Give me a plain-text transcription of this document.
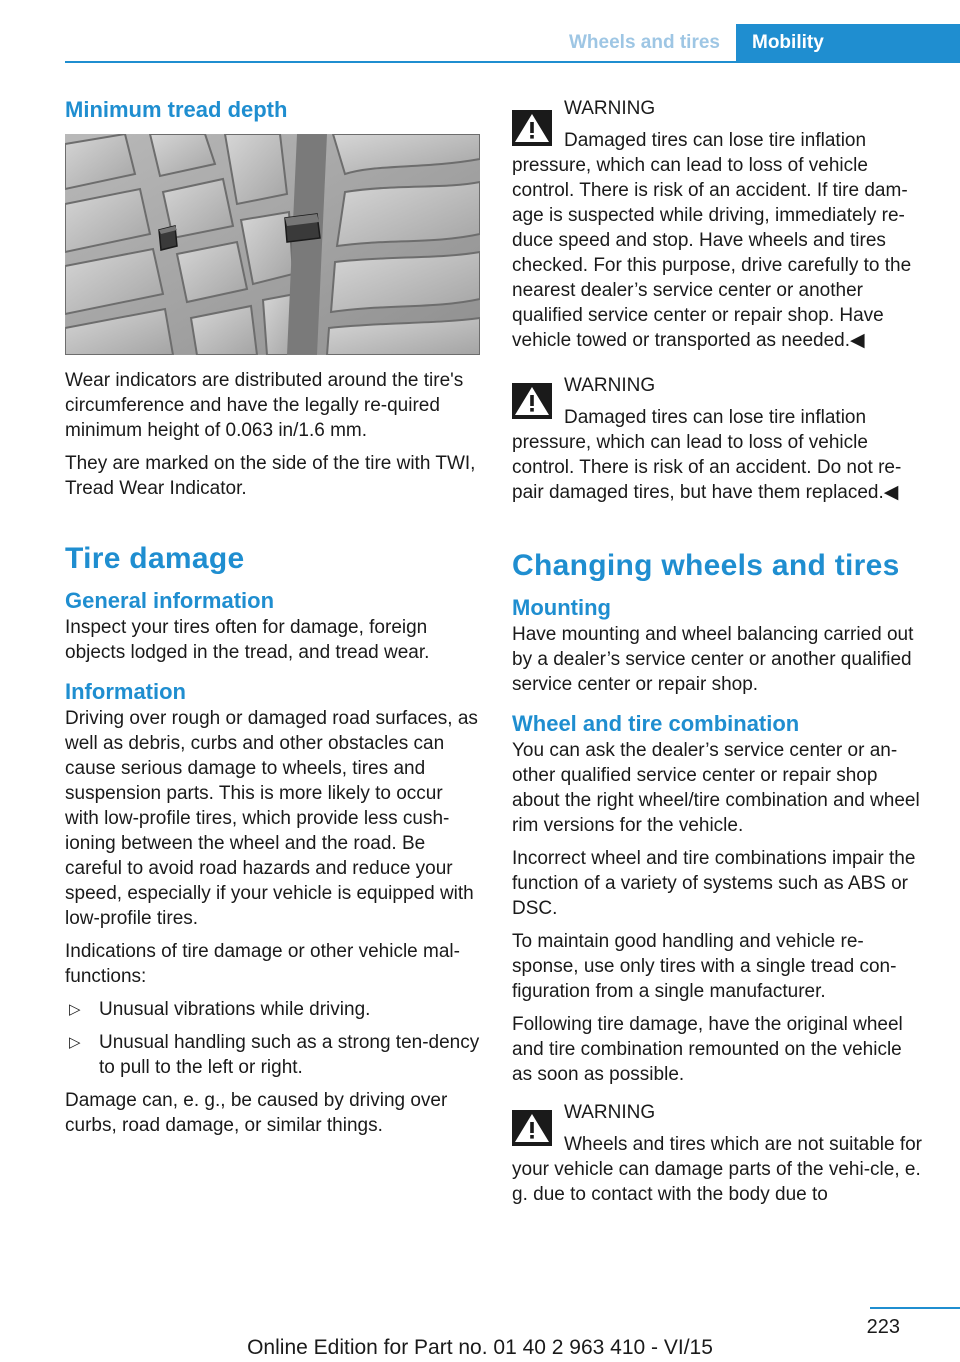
Wheels and tires	Mobility
Minimum tread depth

Wear indicators are distributed around the tire's circumference and have the legally re‐quired minimum height of 0.063 in/1.6 mm.

They are marked on the side of the tire with TWI, Tread Wear Indicator.

Tire damage
General information

Inspect your tires often for damage, foreign objects lodged in the tread, and tread wear.

Information

Driving over rough or damaged road surfaces, as well as debris, curbs and other obstacles can cause serious damage to wheels, tires and suspension parts. This is more likely to occur with low-profile tires, which provide less cush‐ioning between the wheel and the road. Be careful to avoid road hazards and reduce your speed, especially if your vehicle is equipped with low-profile tires.

Indications of tire damage or other vehicle mal‐functions:

▷ Unusual vibrations while driving.
▷ Unusual handling such as a strong ten‐dency to pull to the left or right.

Damage can, e. g., be caused by driving over curbs, road damage, or similar things.

WARNING

Damaged tires can lose tire inflation pressure, which can lead to loss of vehicle control. There is risk of an accident. If tire dam‐age is suspected while driving, immediately re‐duce speed and stop. Have wheels and tires checked. For this purpose, drive carefully to the nearest dealer’s service center or another qualified service center or repair shop. Have vehicle towed or transported as needed.◀

WARNING

Damaged tires can lose tire inflation pressure, which can lead to loss of vehicle control. There is risk of an accident. Do not re‐pair damaged tires, but have them replaced.◀

Changing wheels and tires
Mounting

Have mounting and wheel balancing carried out by a dealer’s service center or another qualified service center or repair shop.

Wheel and tire combination

You can ask the dealer’s service center or an‐other qualified service center or repair shop about the right wheel/tire combination and wheel rim versions for the vehicle.

Incorrect wheel and tire combinations impair the function of a variety of systems such as ABS or DSC.

To maintain good handling and vehicle re‐sponse, use only tires with a single tread con‐figuration from a single manufacturer.

Following tire damage, have the original wheel and tire combination remounted on the vehicle as soon as possible.

WARNING

Wheels and tires which are not suitable for your vehicle can damage parts of the vehi‐cle, e. g. due to contact with the body due to

223
Online Edition for Part no. 01 40 2 963 410 - VI/15
